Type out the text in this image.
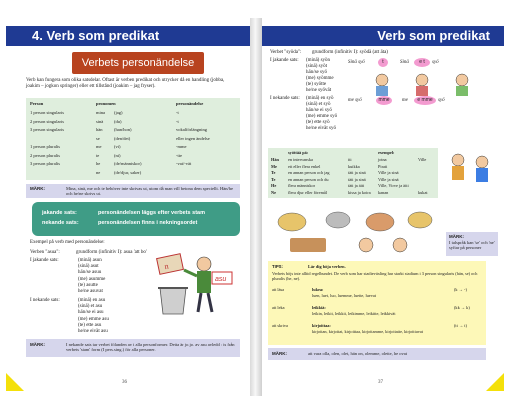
4. Verb som predikat
Verbets personändelse
Verb kan fungera som olika satsdelar. Oftast är verben predikat och utrycker då en handling (jobba, joakim – jogkon springer) eller ett tillstånd (joakim – jag fryser).
Person	pronomen	personändelse
1 person singularis	mina (jag)	-t
2 person singularis	sinä (du)	-t
3 person singularis	hän	(han/hon)	vokalförlängning
se	(den/det)	eller ingen ändelse
1 person pluralis	me	(vi)	-mme
2 person pluralis	te	(ni)	-tte
3 person pluralis	he	(de/människor)	-vat/-vät
ne	(de/djur, saker)
MÄRK:	Mina, sinä, me och te behöver inte skrivas ut, utom då man vill betona dem speciellt. Hän/he och he/ne skrivs ut.
jakande sats:	personändelsen läggs efter verbets stam
nekande sats:	personändelsen finns i nekningsordet
Exempel på verb med personändelse:
Verben "asua":	grundform (infinitiv I): asua 'att bo'
I jakande sats:	(minä) asun
(sinä) asut
hän/se asuu
(me) asumme
(te) asutte
he/ne asuvat
I nekande sats:	(minä) en asu
(sinä) et asu
hän/se ei asu
(me) emme asu
(te) ette asu
he/ne eivät asu
n
asu
MÄRK:	I nekande sats tar verbet fölanden av i alla personformer. Detta är jo.jo. av asu avledd : is från verbets 'stam' form (I pers.sing.) för alla personer.
36
Verb som predikat
Verbet "syöda": grundform (infinitiv I): syödä (att äta)
I jakande sats: (minä) syön
(sinä) syöt
hän/se syö
(me) syömme
(te) syötte
he/ne syövät
I nekande sats: (minä) en syö
(sinä) et syö
hän/se ei syö
(me) emme syö
(te) ette syö
he/ne eivät syö
Sinä syö	t	Sinä	e t	syö
me syö	mme	me	e mme	syö
syöttää pä:	exempel:
Hän en intervanska	iti	jotna	Ville
Me	ett eller flera enkel	kuikka	Pirati
Te	en annan person och jag	täti ja sinä	Ville ja sinä
Te	en annan person och du	täti ja sinä	Ville ja sinä
He	flera människor	täti ja äiti	Ville, Virve ja äiti
Ne	flera djur eller föremål	kissa ja koira kanan	kukat
MÄRK:
I talspråk kan 'se' och 'ne' syftar på personer
TIPS:	Lär dig böja verben.
Verbets böjs inte alltid regelbundet. De verb som har stadieväxling har starkt stadium i 3 person singularis (hän, se) och pluralis (he, ne).
att läsa	lukea:
luen, luet, luo, luemme, luette, luevat
(k → -)
att leka	leikkiä:
leikin, leikit, leikkii, leikimme, leikitte, leikkivät
(kk → k)
att skriva	kirjoittaa:
kirjoitan, kirjoitat, kirjoittaa, kirjoitamme, kirjoitatte, kirjoittavat
(tt → t)
MÄRK:	att vara olla, olen, olet, hän on, olemme, olette, he ovat
37
